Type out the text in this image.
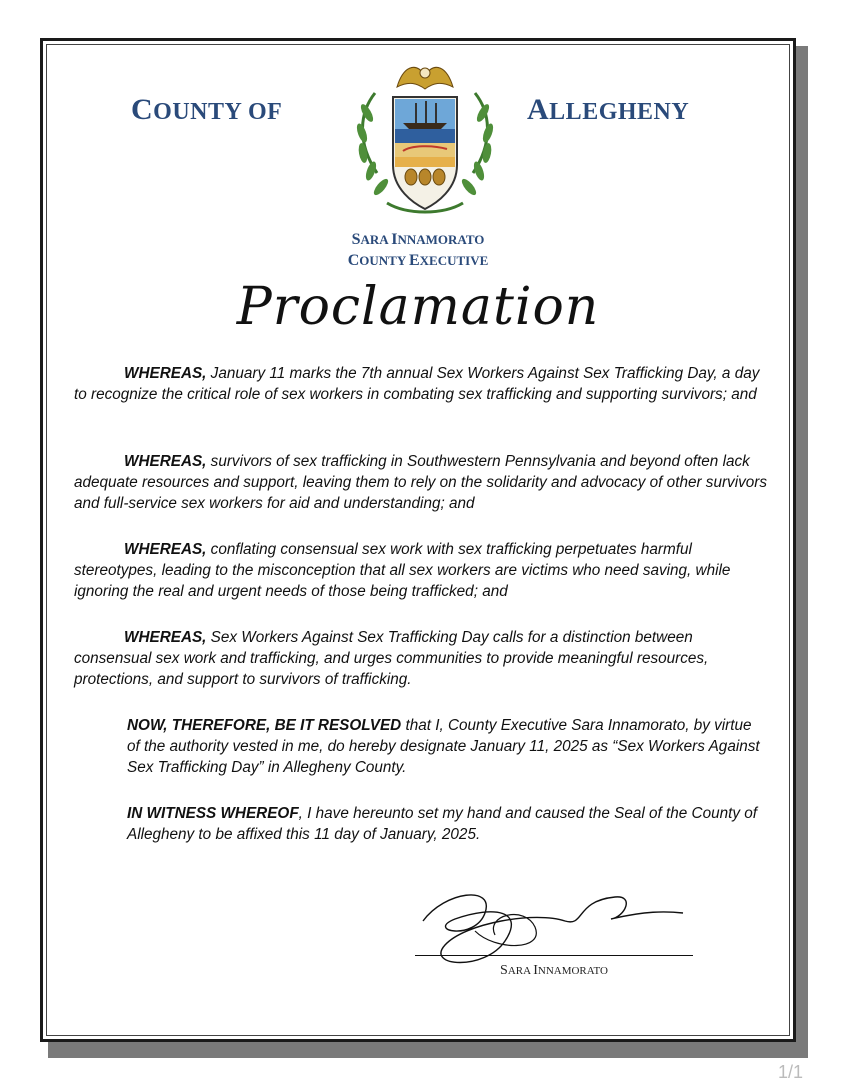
COUNTY OF	ALLEGHENY
SARA INNAMORATO
COUNTY EXECUTIVE
Proclamation

WHEREAS, January 11 marks the 7th annual Sex Workers Against Sex Trafficking Day, a day to recognize the critical role of sex workers in combating sex trafficking and supporting survivors; and

WHEREAS, survivors of sex trafficking in Southwestern Pennsylvania and beyond often lack adequate resources and support, leaving them to rely on the solidarity and advocacy of other survivors and full-service sex workers for aid and understanding; and

WHEREAS, conflating consensual sex work with sex trafficking perpetuates harmful stereotypes, leading to the misconception that all sex workers are victims who need saving, while ignoring the real and urgent needs of those being trafficked; and

WHEREAS, Sex Workers Against Sex Trafficking Day calls for a distinction between consensual sex work and trafficking, and urges communities to provide meaningful resources, protections, and support to survivors of trafficking.

NOW, THEREFORE, BE IT RESOLVED that I, County Executive Sara Innamorato, by virtue of the authority vested in me, do hereby designate January 11, 2025 as “Sex Workers Against Sex Trafficking Day” in Allegheny County.

IN WITNESS WHEREOF, I have hereunto set my hand and caused the Seal of the County of Allegheny to be affixed this 11 day of January, 2025.

SARA INNAMORATO
1/1
